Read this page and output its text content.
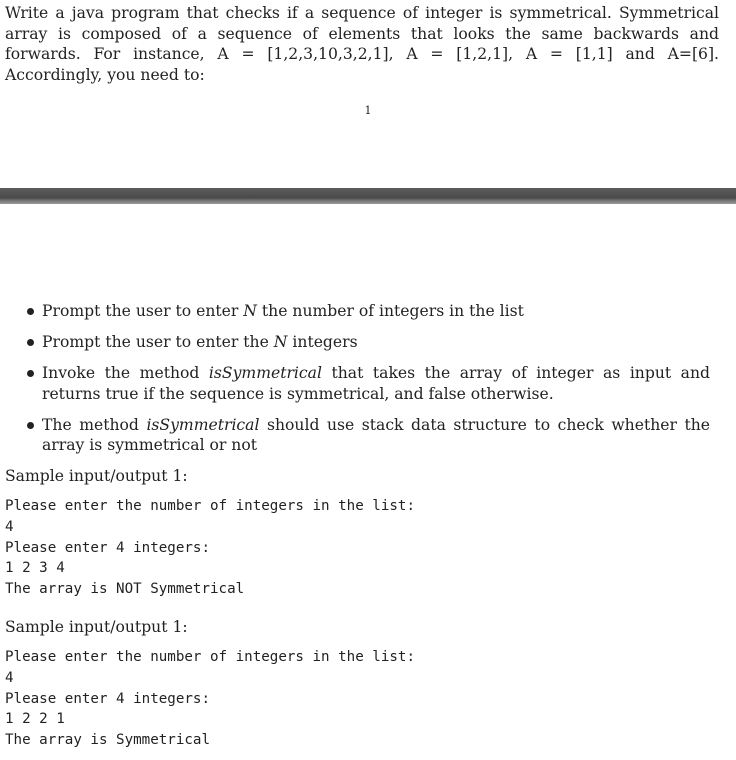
Write a java program that checks if a sequence of integer is symmetrical. Symmetrical array is composed of a sequence of elements that looks the same backwards and forwards. For instance, A = [1,2,3,10,3,2,1], A = [1,2,1], A = [1,1] and A=[6]. Accordingly, you need to:

1
Prompt the user to enter N the number of integers in the list
Prompt the user to enter the N integers
Invoke the method isSymmetrical that takes the array of integer as input and returns true if the sequence is symmetrical, and false otherwise.
The method isSymmetrical should use stack data structure to check whether the array is symmetrical or not

Sample input/output 1:

Please enter the number of integers in the list:
4
Please enter 4 integers:
1 2 3 4
The array is NOT Symmetrical

Sample input/output 1:

Please enter the number of integers in the list:
4
Please enter 4 integers:
1 2 2 1
The array is Symmetrical
